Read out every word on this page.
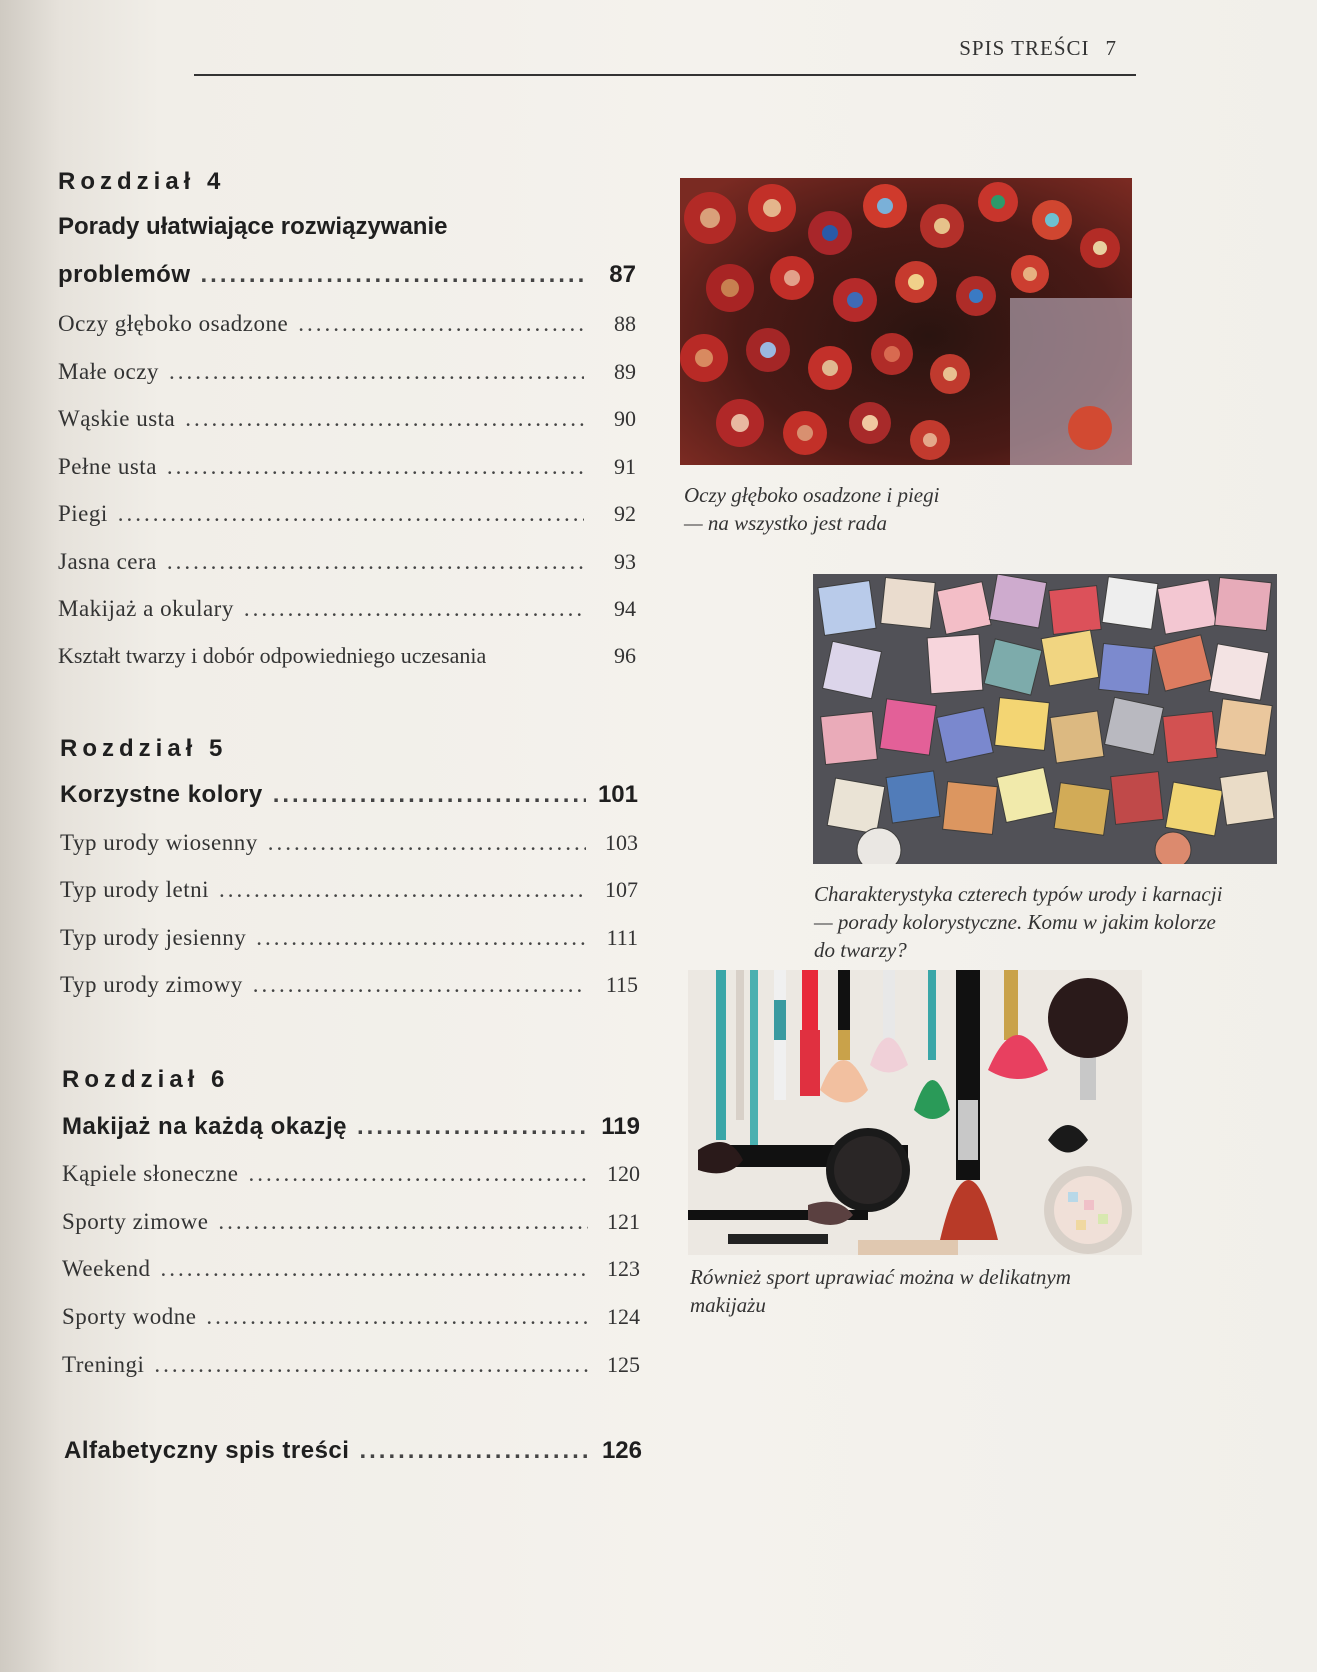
SPIS TREŚCI 7
Rozdział 4
Porady ułatwiające rozwiązywanie
problemów .....	87
Oczy głęboko osadzone .....	88
Małe oczy .....	89
Wąskie usta .....	90
Pełne usta .....	91
Piegi .....	92
Jasna cera .....	93
Makijaż a okulary .....	94
Kształt twarzy i dobór odpowiedniego uczesania	96
Rozdział 5
Korzystne kolory .....	101
Typ urody wiosenny .....	103
Typ urody letni .....	107
Typ urody jesienny .....	111
Typ urody zimowy .....	115
Rozdział 6
Makijaż na każdą okazję .....	119
Kąpiele słoneczne .....	120
Sporty zimowe .....	121
Weekend .....	123
Sporty wodne .....	124
Treningi .....	125
Alfabetyczny spis treści .....	126
Oczy głęboko osadzone i piegi
— na wszystko jest rada
Charakterystyka czterech typów urody i karnacji
— porady kolorystyczne. Komu w jakim kolorze
do twarzy?
Również sport uprawiać można w delikatnym
makijażu
